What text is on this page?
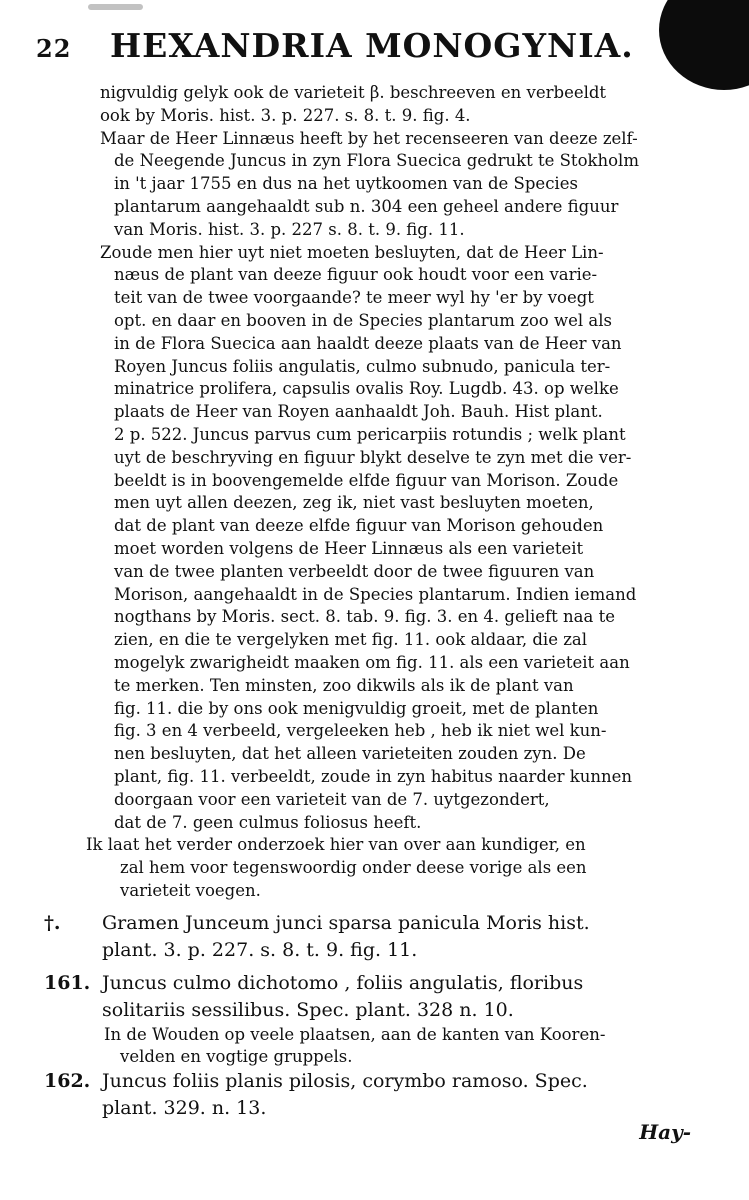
22 HEXANDRIA MONOGYNIA.
nigvuldig gelyk ook de varieteit β. beschreeven en verbeeldt
ook by Moris. hist. 3. p. 227. s. 8. t. 9. fig. 4.
Maar de Heer Linnæus heeft by het recenseeren van deeze zelf-
de Neegende Juncus in zyn Flora Suecica gedrukt te Stokholm
in 't jaar 1755 en dus na het uytkoomen van de Species
plantarum aangehaaldt sub n. 304 een geheel andere figuur
van Moris. hist. 3. p. 227 s. 8. t. 9. fig. 11.
Zoude men hier uyt niet moeten besluyten, dat de Heer Lin-
næus de plant van deeze figuur ook houdt voor een varie-
teit van de twee voorgaande? te meer wyl hy 'er by voegt
opt. en daar en booven in de Species plantarum zoo wel als
in de Flora Suecica aan haaldt deeze plaats van de Heer van
Royen Juncus foliis angulatis, culmo subnudo, panicula ter-
minatrice prolifera, capsulis ovalis Roy. Lugdb. 43. op welke
plaats de Heer van Royen aanhaaldt Joh. Bauh. Hist plant.
2 p. 522. Juncus parvus cum pericarpiis rotundis ; welk plant
uyt de beschryving en figuur blykt deselve te zyn met die ver-
beeldt is in boovengemelde elfde figuur van Morison. Zoude
men uyt allen deezen, zeg ik, niet vast besluyten moeten,
dat de plant van deeze elfde figuur van Morison gehouden
moet worden volgens de Heer Linnæus als een varieteit
van de twee planten verbeeldt door de twee figuuren van
Morison, aangehaaldt in de Species plantarum. Indien iemand
nogthans by Moris. sect. 8. tab. 9. fig. 3. en 4. gelieft naa te
zien, en die te vergelyken met fig. 11. ook aldaar, die zal
mogelyk zwarigheidt maaken om fig. 11. als een varieteit aan
te merken. Ten minsten, zoo dikwils als ik de plant van
fig. 11. die by ons ook menigvuldig groeit, met de planten
fig. 3 en 4 verbeeld, vergeleeken heb , heb ik niet wel kun-
nen besluyten, dat het alleen varieteiten zouden zyn. De
plant, fig. 11. verbeeldt, zoude in zyn habitus naarder kunnen
doorgaan voor een varieteit van de 7. uytgezondert,
dat de 7. geen culmus foliosus heeft.
Ik laat het verder onderzoek hier van over aan kundiger, en
zal hem voor tegenswoordig onder deese vorige als een
varieteit voegen.
†. Gramen Junceum junci sparsa panicula Moris hist.
plant. 3. p. 227. s. 8. t. 9. fig. 11.
161. Juncus culmo dichotomo , foliis angulatis, floribus
solitariis sessilibus. Spec. plant. 328 n. 10.
In de Wouden op veele plaatsen, aan de kanten van Kooren-
velden en vogtige gruppels.
162. Juncus foliis planis pilosis, corymbo ramoso. Spec.
plant. 329. n. 13.
Hay-
